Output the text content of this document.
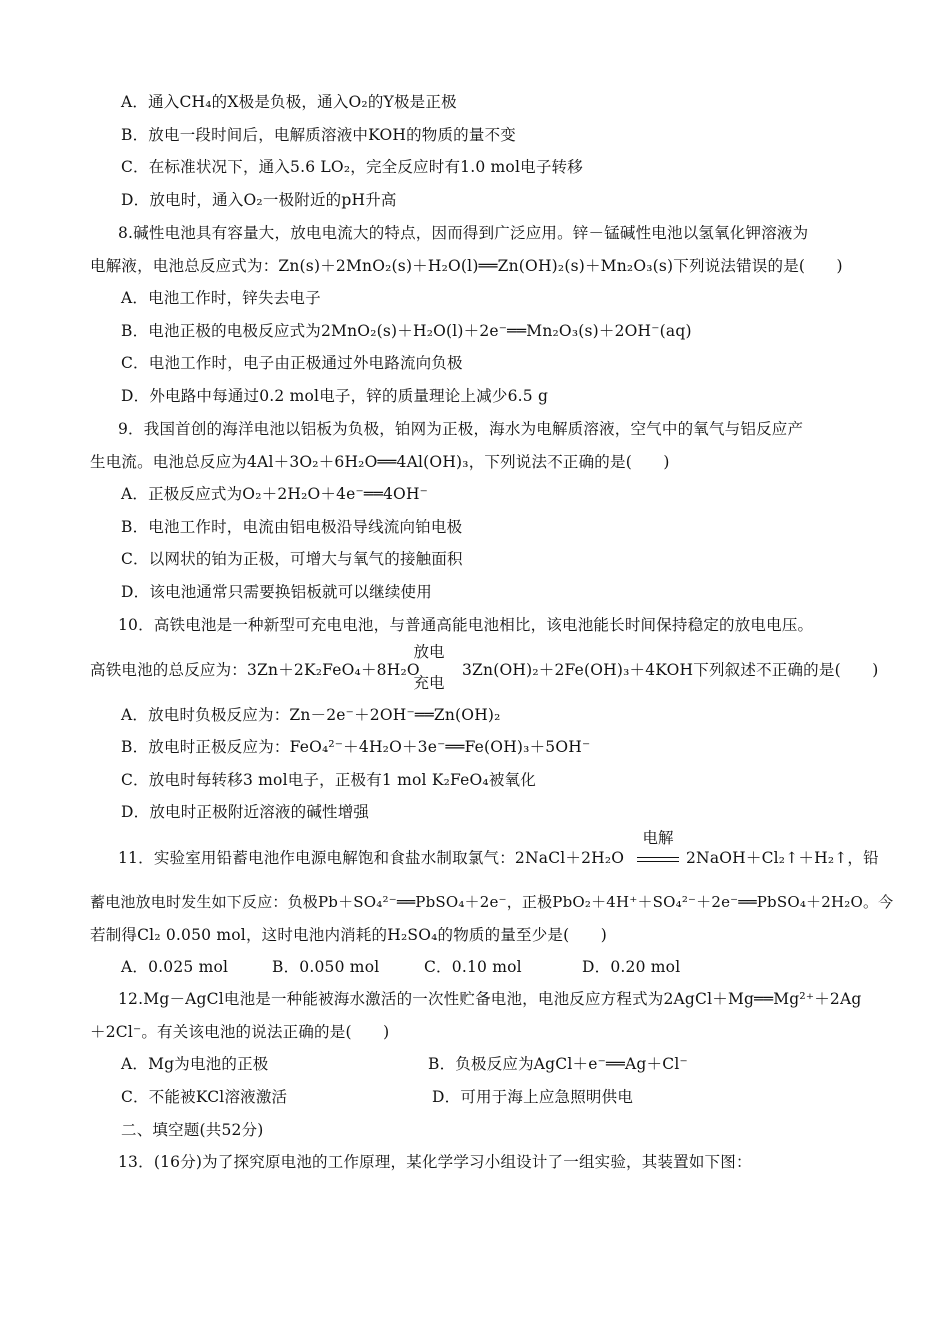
A．通入CH₄的X极是负极，通入O₂的Y极是正极
B．放电一段时间后，电解质溶液中KOH的物质的量不变
C．在标准状况下，通入5.6 LO₂，完全反应时有1.0 mol电子转移
D．放电时，通入O₂一极附近的pH升高
8.碱性电池具有容量大，放电电流大的特点，因而得到广泛应用。锌－锰碱性电池以氢氧化钾溶液为
电解液，电池总反应式为：Zn(s)＋2MnO₂(s)＋H₂O(l)══Zn(OH)₂(s)＋Mn₂O₃(s)下列说法错误的是(　　)
A．电池工作时，锌失去电子
B．电池正极的电极反应式为2MnO₂(s)＋H₂O(l)＋2e⁻══Mn₂O₃(s)＋2OH⁻(aq)
C．电池工作时，电子由正极通过外电路流向负极
D．外电路中每通过0.2 mol电子，锌的质量理论上减少6.5 g
9．我国首创的海洋电池以铝板为负极，铂网为正极，海水为电解质溶液，空气中的氧气与铝反应产
生电流。电池总反应为4Al＋3O₂＋6H₂O══4Al(OH)₃，下列说法不正确的是(　　)
A．正极反应式为O₂＋2H₂O＋4e⁻══4OH⁻
B．电池工作时，电流由铝电极沿导线流向铂电极
C．以网状的铂为正极，可增大与氧气的接触面积
D．该电池通常只需要换铝板就可以继续使用
10．高铁电池是一种新型可充电电池，与普通高能电池相比，该电池能长时间保持稳定的放电电压。
高铁电池的总反应为：3Zn＋2K₂FeO₄＋8H₂O
放电
充电
3Zn(OH)₂＋2Fe(OH)₃＋4KOH下列叙述不正确的是(　　)
A．放电时负极反应为：Zn－2e⁻＋2OH⁻══Zn(OH)₂
B．放电时正极反应为：FeO₄²⁻＋4H₂O＋3e⁻══Fe(OH)₃＋5OH⁻
C．放电时每转移3 mol电子，正极有1 mol K₂FeO₄被氧化
D．放电时正极附近溶液的碱性增强
11．实验室用铅蓄电池作电源电解饱和食盐水制取氯气：2NaCl＋2H₂O
电解
2NaOH＋Cl₂↑＋H₂↑，铅
蓄电池放电时发生如下反应：负极Pb＋SO₄²⁻══PbSO₄＋2e⁻，正极PbO₂＋4H⁺＋SO₄²⁻＋2e⁻══PbSO₄＋2H₂O。今
若制得Cl₂ 0.050 mol，这时电池内消耗的H₂SO₄的物质的量至少是(　　)
A．0.025 mol	B．0.050 mol	C．0.10 mol	D．0.20 mol
12.Mg－AgCl电池是一种能被海水激活的一次性贮备电池，电池反应方程式为2AgCl＋Mg══Mg²⁺＋2Ag
＋2Cl⁻。有关该电池的说法正确的是(　　)
A．Mg为电池的正极	B．负极反应为AgCl＋e⁻══Ag＋Cl⁻
C．不能被KCl溶液激活	D．可用于海上应急照明供电
二、填空题(共52分)
13．(16分)为了探究原电池的工作原理，某化学学习小组设计了一组实验，其装置如下图：
